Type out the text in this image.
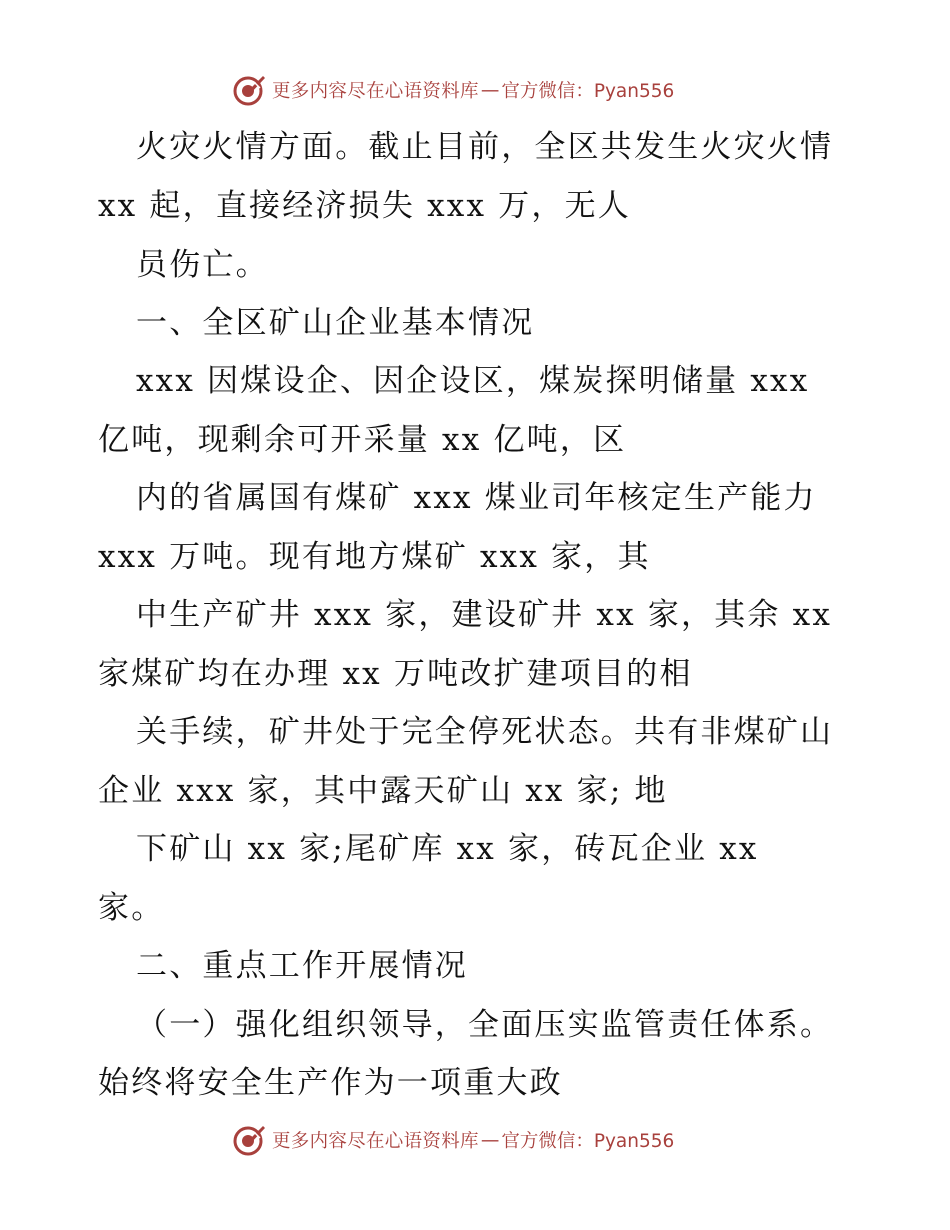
更多内容尽在心语资料库 — 官方微信：Pyan556
火灾火情方面。截止目前，全区共发生火灾火情
xx 起，直接经济损失 xxx 万，无人
员伤亡。
一、全区矿山企业基本情况
xxx 因煤设企、因企设区，煤炭探明储量 xxx
亿吨，现剩余可开采量 xx 亿吨，区
内的省属国有煤矿 xxx 煤业司年核定生产能力
xxx 万吨。现有地方煤矿 xxx 家，其
中生产矿井 xxx 家，建设矿井 xx 家，其余 xx
家煤矿均在办理 xx 万吨改扩建项目的相
关手续，矿井处于完全停死状态。共有非煤矿山
企业 xxx 家，其中露天矿山 xx 家; 地
下矿山 xx 家;尾矿库 xx 家，砖瓦企业 xx
家。
二、重点工作开展情况
（一）强化组织领导，全面压实监管责任体系。
始终将安全生产作为一项重大政
更多内容尽在心语资料库 — 官方微信：Pyan556
